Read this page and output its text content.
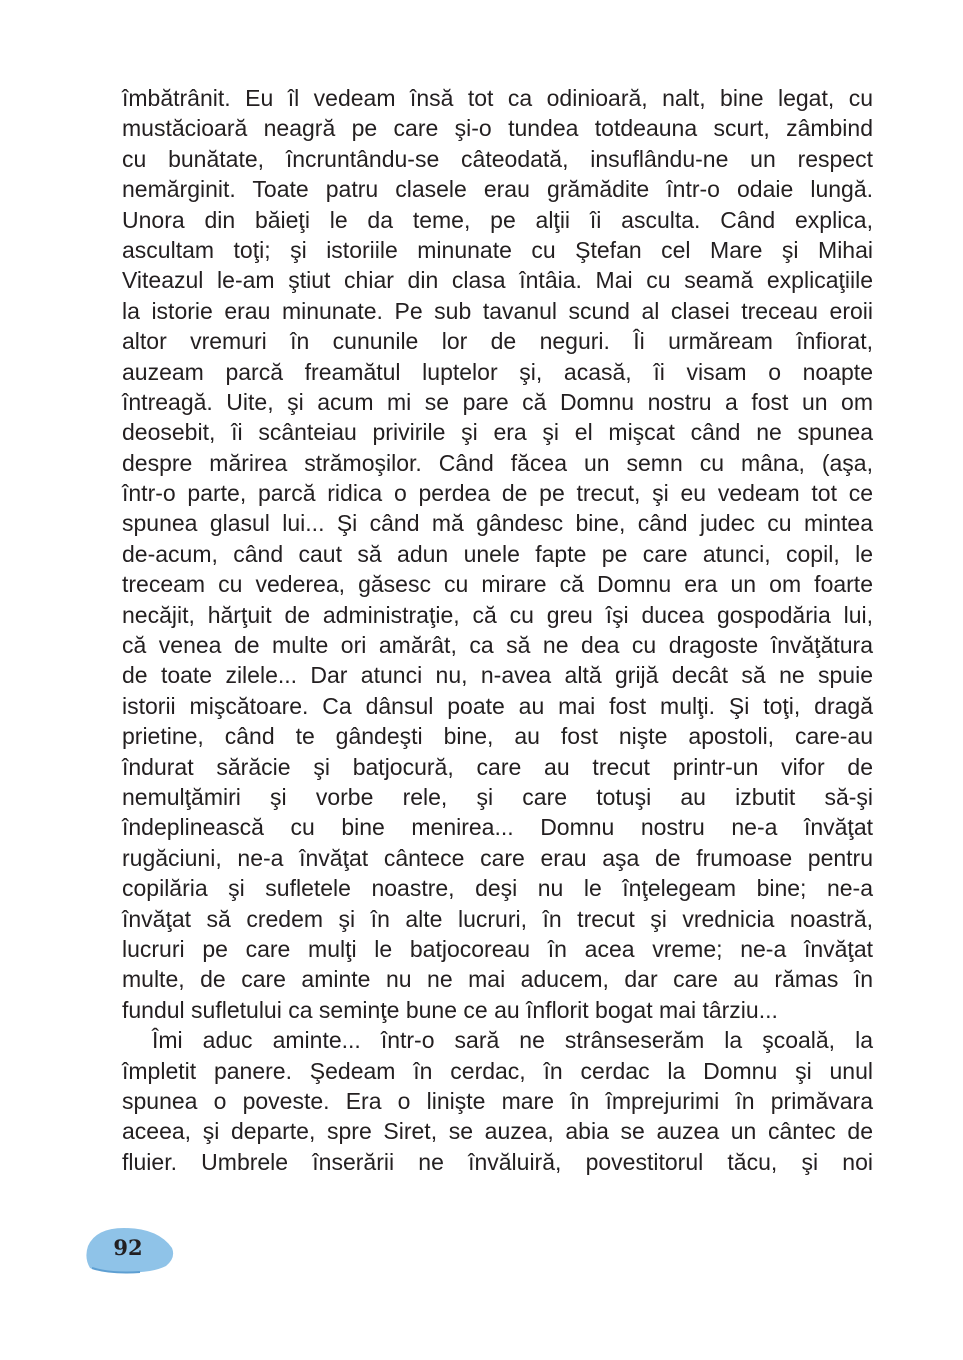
îmbătrânit. Eu îl vedeam însă tot ca odinioară, nalt, bine legat, cu
mustăcioară neagră pe care şi-o tundea totdeauna scurt, zâmbind
cu bunătate, încruntându-se câteodată, insuflându-ne un respect
nemărginit. Toate patru clasele erau grămădite într-o odaie lungă.
Unora din băieţi le da teme, pe alţii îi asculta. Când explica,
ascultam toţi; şi istoriile minunate cu Ştefan cel Mare şi Mihai
Viteazul le-am ştiut chiar din clasa întâia. Mai cu seamă explicaţiile
la istorie erau minunate. Pe sub tavanul scund al clasei treceau eroii
altor vremuri în cununile lor de neguri. Îi urmăream înfiorat,
auzeam parcă freamătul luptelor şi, acasă, îi visam o noapte
întreagă. Uite, şi acum mi se pare că Domnu nostru a fost un om
deosebit, îi scânteiau privirile şi era şi el mişcat când ne spunea
despre mărirea strămoşilor. Când făcea un semn cu mâna, (aşa,
într-o parte, parcă ridica o perdea de pe trecut, şi eu vedeam tot ce
spunea glasul lui... Şi când mă gândesc bine, când judec cu mintea
de-acum, când caut să adun unele fapte pe care atunci, copil, le
treceam cu vederea, găsesc cu mirare că Domnu era un om foarte
necăjit, hărţuit de administraţie, că cu greu îşi ducea gospodăria lui,
că venea de multe ori amărât, ca să ne dea cu dragoste învăţătura
de toate zilele... Dar atunci nu, n-avea altă grijă decât să ne spuie
istorii mişcătoare. Ca dânsul poate au mai fost mulţi. Şi toţi, dragă
prietine, când te gândeşti bine, au fost nişte apostoli, care-au
îndurat sărăcie şi batjocură, care au trecut printr-un vifor de
nemulţămiri şi vorbe rele, şi care totuşi au izbutit să-şi
îndeplinească cu bine menirea... Domnu nostru ne-a învăţat
rugăciuni, ne-a învăţat cântece care erau aşa de frumoase pentru
copilăria şi sufletele noastre, deşi nu le înţelegeam bine; ne-a
învăţat să credem şi în alte lucruri, în trecut şi vrednicia noastră,
lucruri pe care mulţi le batjocoreau în acea vreme; ne-a învăţat
multe, de care aminte nu ne mai aducem, dar care au rămas în
fundul sufletului ca seminţe bune ce au înflorit bogat mai târziu...
Îmi aduc aminte... într-o sară ne strânseserăm la şcoală, la
împletit panere. Şedeam în cerdac, în cerdac la Domnu şi unul
spunea o poveste. Era o linişte mare în împrejurimi în primăvara
aceea, şi departe, spre Siret, se auzea, abia se auzea un cântec de
fluier. Umbrele înserării ne învăluiră, povestitorul tăcu, şi noi
92
